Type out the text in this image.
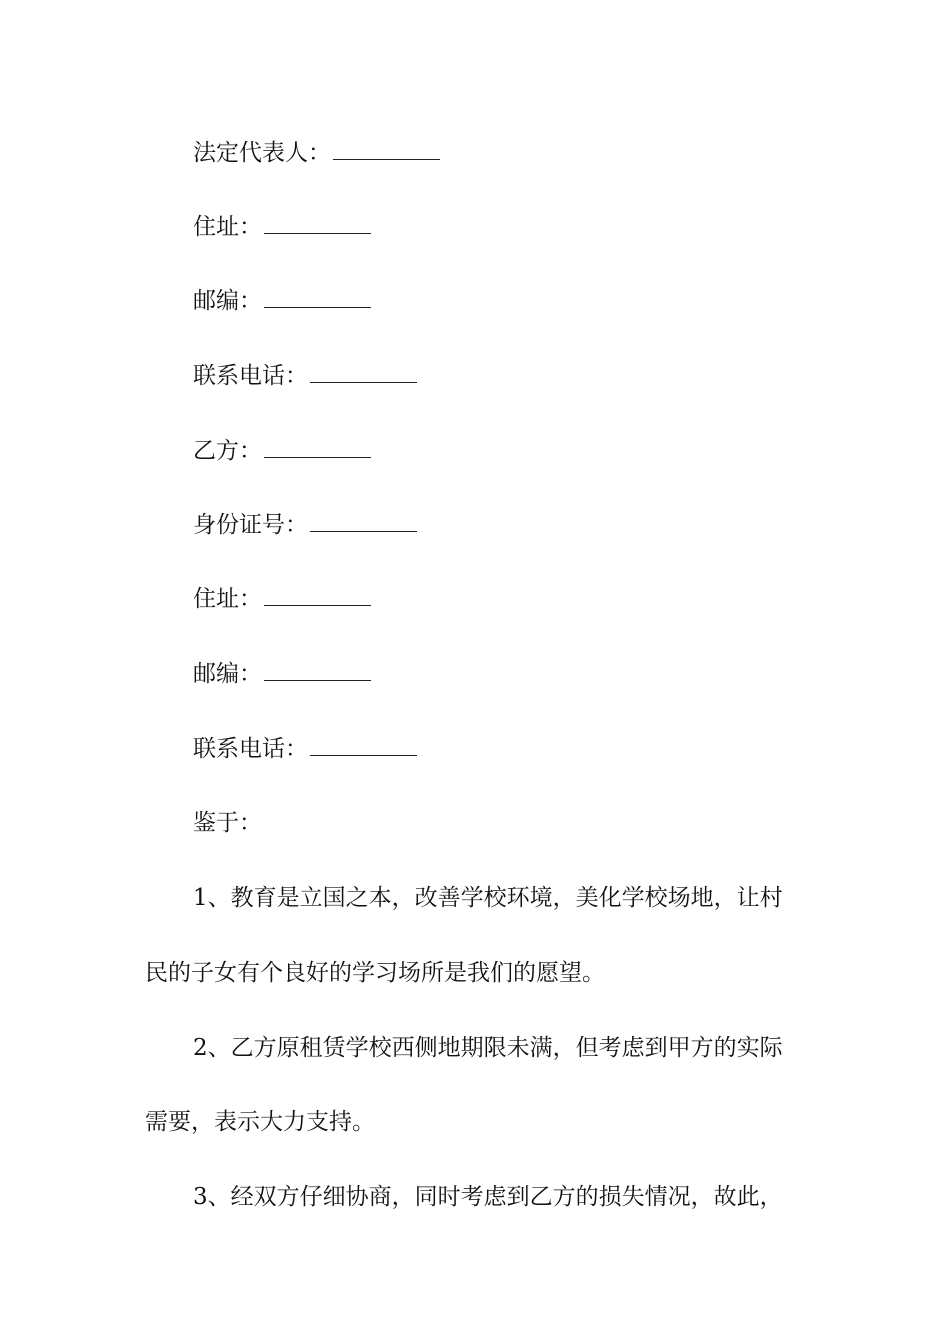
法定代表人：
住址：
邮编：
联系电话：
乙方：
身份证号：
住址：
邮编：
联系电话：
鉴于：
1、教育是立国之本，改善学校环境，美化学校场地，让村
民的子女有个良好的学习场所是我们的愿望。
2、乙方原租赁学校西侧地期限未满，但考虑到甲方的实际
需要，表示大力支持。
3、经双方仔细协商，同时考虑到乙方的损失情况，故此，
